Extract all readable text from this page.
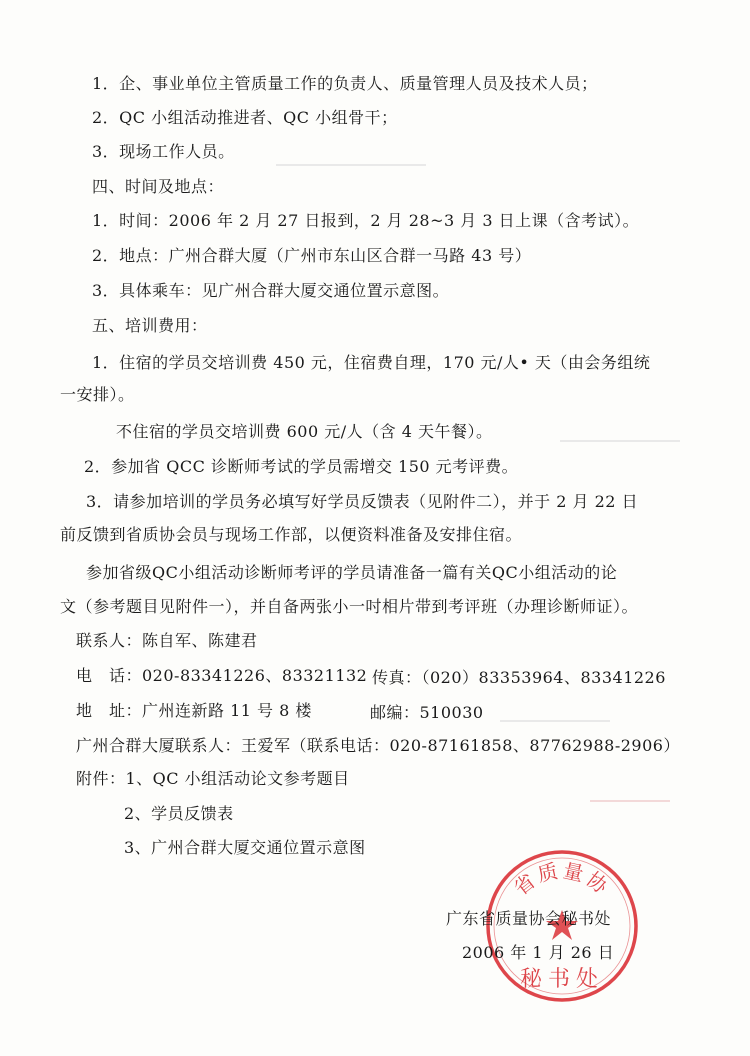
1．企、事业单位主管质量工作的负责人、质量管理人员及技术人员；
2．QC 小组活动推进者、QC 小组骨干；
3．现场工作人员。
四、时间及地点：
1．时间：2006 年 2 月 27 日报到，2 月 28~3 月 3 日上课（含考试）。
2．地点：广州合群大厦（广州市东山区合群一马路 43 号）
3．具体乘车：见广州合群大厦交通位置示意图。
五、培训费用：
1．住宿的学员交培训费 450 元，住宿费自理，170 元/人• 天（由会务组统
一安排）。
不住宿的学员交培训费 600 元/人（含 4 天午餐）。
2．参加省 QCC 诊断师考试的学员需增交 150 元考评费。
3．请参加培训的学员务必填写好学员反馈表（见附件二），并于 2 月 22 日
前反馈到省质协会员与现场工作部，以便资料准备及安排住宿。
参加省级QC小组活动诊断师考评的学员请准备一篇有关QC小组活动的论
文（参考题目见附件一），并自备两张小一吋相片带到考评班（办理诊断师证）。
联系人：陈自军、陈建君
电　话：020-83341226、83321132 传真：（020）83353964、83341226
地　址：广州连新路 11 号 8 楼	邮编：510030
广州合群大厦联系人：王爱军（联系电话：020-87161858、87762988-2906）
附件：1、QC 小组活动论文参考题目
2、学员反馈表
3、广州合群大厦交通位置示意图
省质量协
秘书处
广东省质量协会秘书处
2006 年 1 月 26 日
